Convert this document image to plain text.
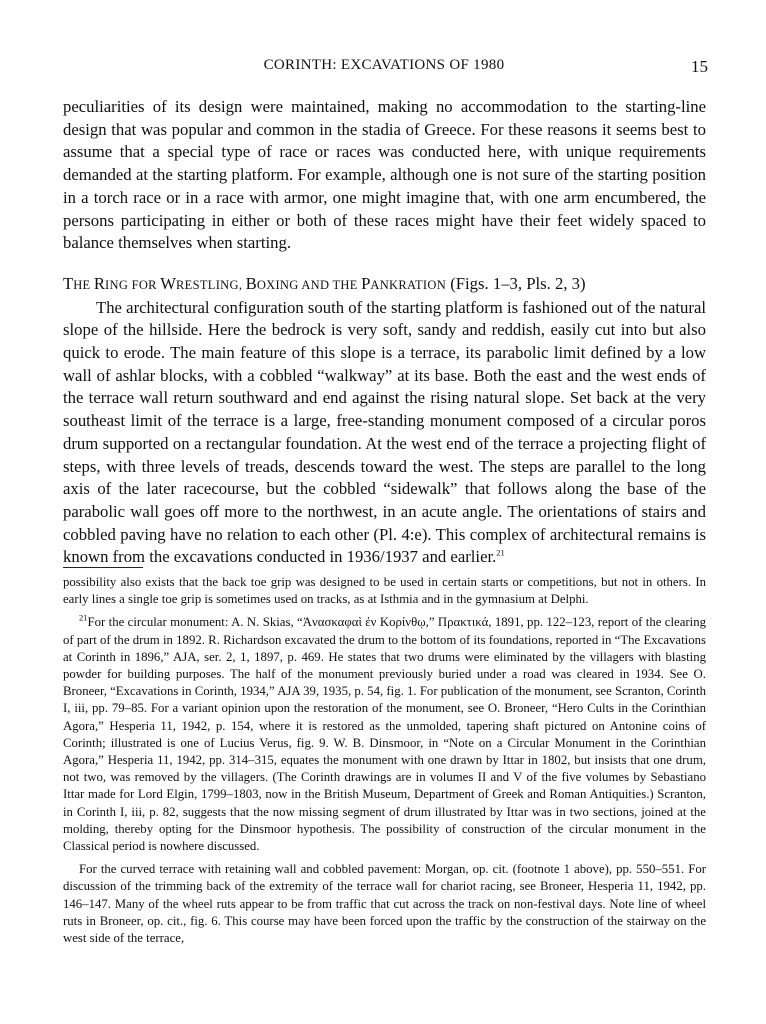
CORINTH: EXCAVATIONS OF 1980	15

peculiarities of its design were maintained, making no accommodation to the starting-line design that was popular and common in the stadia of Greece. For these reasons it seems best to assume that a special type of race or races was conducted here, with unique requirements demanded at the starting platform. For example, although one is not sure of the starting position in a torch race or in a race with armor, one might imagine that, with one arm encumbered, the persons participating in either or both of these races might have their feet widely spaced to balance themselves when starting.

THE RING FOR WRESTLING, BOXING AND THE PANKRATION (Figs. 1–3, Pls. 2, 3)

The architectural configuration south of the starting platform is fashioned out of the natural slope of the hillside. Here the bedrock is very soft, sandy and reddish, easily cut into but also quick to erode. The main feature of this slope is a terrace, its parabolic limit defined by a low wall of ashlar blocks, with a cobbled “walkway” at its base. Both the east and the west ends of the terrace wall return southward and end against the rising natural slope. Set back at the very southeast limit of the terrace is a large, free-standing monument composed of a circular poros drum supported on a rectangular foundation. At the west end of the terrace a projecting flight of steps, with three levels of treads, descends toward the west. The steps are parallel to the long axis of the later racecourse, but the cobbled “sidewalk” that follows along the base of the parabolic wall goes off more to the northwest, in an acute angle. The orientations of stairs and cobbled paving have no relation to each other (Pl. 4:e). This complex of architectural remains is known from the excavations conducted in 1936/1937 and earlier.$^{21}$

possibility also exists that the back toe grip was designed to be used in certain starts or competitions, but not in others. In early lines a single toe grip is sometimes used on tracks, as at Isthmia and in the gymnasium at Delphi.

$^{21}$For the circular monument: A. N. Skias, “Ἀνασκαφαὶ ἐν Κορίνθῳ,” Πρακτικά, 1891, pp. 122–123, report of the clearing of part of the drum in 1892. R. Richardson excavated the drum to the bottom of its foundations, reported in “The Excavations at Corinth in 1896,” AJA, ser. 2, 1, 1897, p. 469. He states that two drums were eliminated by the villagers with blasting powder for building purposes. The half of the monument previously buried under a road was cleared in 1934. See O. Broneer, “Excavations in Corinth, 1934,” AJA 39, 1935, p. 54, fig. 1. For publication of the monument, see Scranton, Corinth I, iii, pp. 79–85. For a variant opinion upon the restoration of the monument, see O. Broneer, “Hero Cults in the Corinthian Agora,” Hesperia 11, 1942, p. 154, where it is restored as the unmolded, tapering shaft pictured on Antonine coins of Corinth; illustrated is one of Lucius Verus, fig. 9. W. B. Dinsmoor, in “Note on a Circular Monument in the Corinthian Agora,” Hesperia 11, 1942, pp. 314–315, equates the monument with one drawn by Ittar in 1802, but insists that one drum, not two, was removed by the villagers. (The Corinth drawings are in volumes II and V of the five volumes by Sebastiano Ittar made for Lord Elgin, 1799–1803, now in the British Museum, Department of Greek and Roman Antiquities.) Scranton, in Corinth I, iii, p. 82, suggests that the now missing segment of drum illustrated by Ittar was in two sections, joined at the molding, thereby opting for the Dinsmoor hypothesis. The possibility of construction of the circular monument in the Classical period is nowhere discussed.

For the curved terrace with retaining wall and cobbled pavement: Morgan, op. cit. (footnote 1 above), pp. 550–551. For discussion of the trimming back of the extremity of the terrace wall for chariot racing, see Broneer, Hesperia 11, 1942, pp. 146–147. Many of the wheel ruts appear to be from traffic that cut across the track on non-festival days. Note line of wheel ruts in Broneer, op. cit., fig. 6. This course may have been forced upon the traffic by the construction of the stairway on the west side of the terrace,
